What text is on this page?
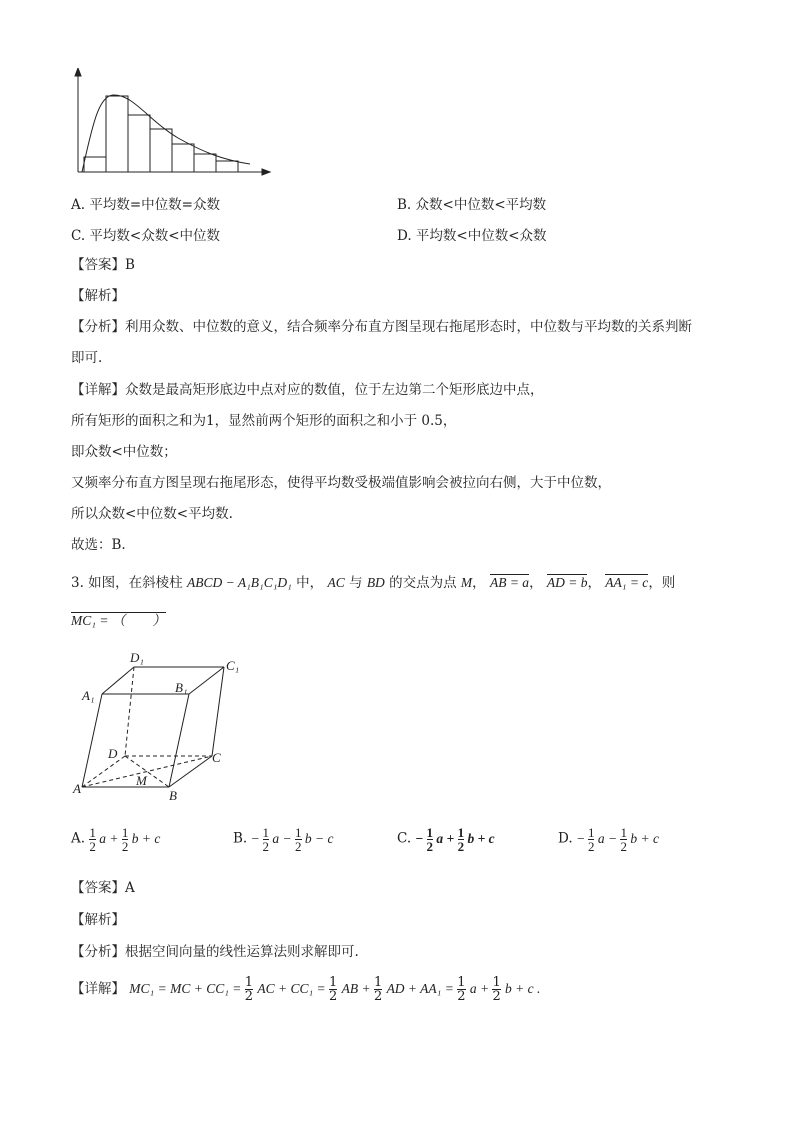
A. 平均数=中位数=众数	B. 众数<中位数<平均数
C. 平均数<众数<中位数	D. 平均数<中位数<众数
【答案】B
【解析】
【分析】利用众数、中位数的意义，结合频率分布直方图呈现右拖尾形态时，中位数与平均数的关系判断
即可.
【详解】众数是最高矩形底边中点对应的数值，位于左边第二个矩形底边中点，
所有矩形的面积之和为1，显然前两个矩形的面积之和小于 0.5，
即众数<中位数；
又频率分布直方图呈现右拖尾形态，使得平均数受极端值影响会被拉向右侧，大于中位数，
所以众数<中位数<平均数.
故选：B.
3. 如图，在斜棱柱 ABCD − A₁B₁C₁D₁ 中， AC 与 BD 的交点为点 M， AB = a， AD = b， AA₁ = c，则
MC₁ = （　　）
D₁
C₁
A₁
B₁
D	C
M
A	B
A. $\frac{1}{2}$ $a + \frac{1}{2}$ b + c	B. − $\frac{1}{2}$ $a - \frac{1}{2}$ b − c	C. − $\frac{1}{2}$ $a + \frac{1}{2}$ b + c	D. − $\frac{1}{2}$ $a - \frac{1}{2}$ b + c
【答案】A
【解析】
【分析】根据空间向量的线性运算法则求解即可.
【详解】 MC₁ = MC + $CC_1 = \frac{1}{2}$ AC + $CC_1 = \frac{1}{2}$ AB + $\frac{1}{2}$ AD + $AA_1 = \frac{1}{2}$ $a + \frac{1}{2}$ b + c .
